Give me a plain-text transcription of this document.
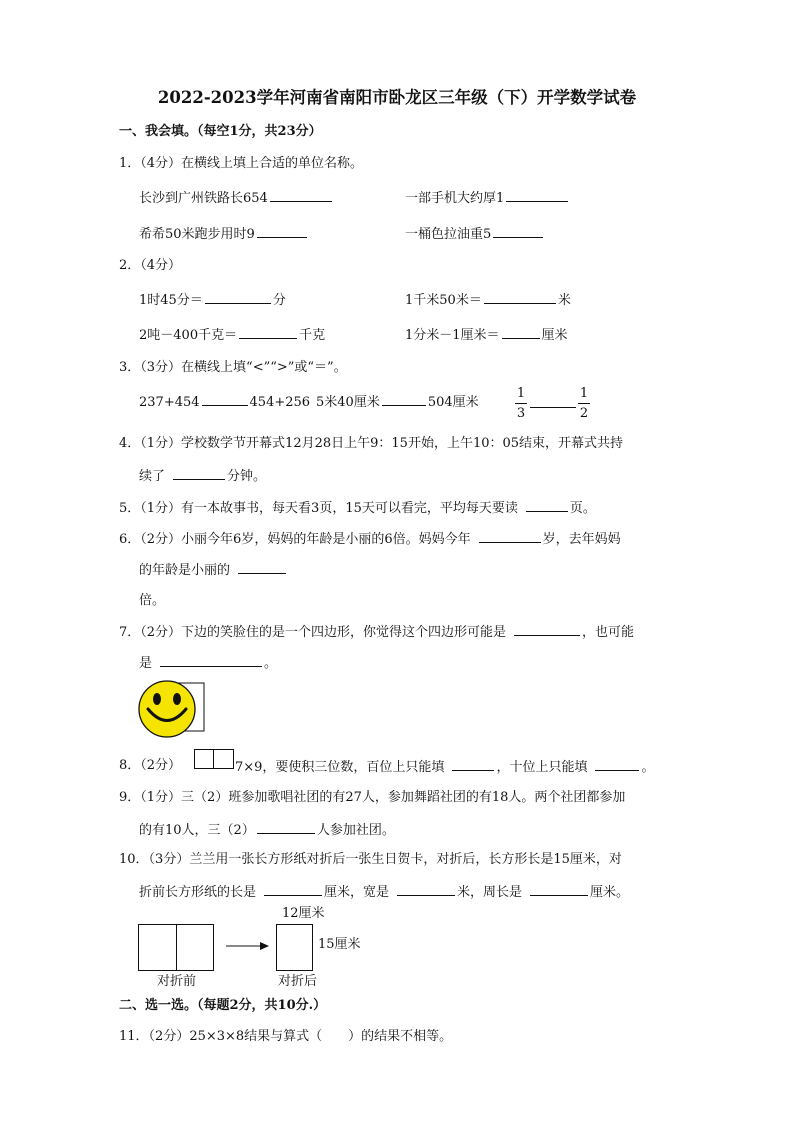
2022-2023学年河南省南阳市卧龙区三年级（下）开学数学试卷
一、我会填。（每空1分，共23分）
1．（4分）在横线上填上合适的单位名称。
长沙到广州铁路长654	一部手机大约厚1
希希50米跑步用时9	一桶色拉油重5
2．（4分）
1时45分＝	分	1千米50米＝	米
2吨－400千克＝	千克	1分米－1厘米＝	厘米
3．（3分）在横线上填“<”“>”或“＝”。
237+454	454+256 5米40厘米	504厘米
1
3
1
2
4．（1分）学校数学节开幕式12月28日上午9：15开始，上午10：05结束，开幕式共持
续了	分钟。
5．（1分）有一本故事书，每天看3页，15天可以看完，平均每天要读	页。
6．（2分）小丽今年6岁，妈妈的年龄是小丽的6倍。妈妈今年	岁，去年妈妈
的年龄是小丽的
倍。
7．（2分）下边的笑脸住的是一个四边形，你觉得这个四边形可能是	，也可能
是	。
8．（2分）	7×9，要使积三位数，百位上只能填	，十位上只能填	。
9．（1分）三（2）班参加歌唱社团的有27人，参加舞蹈社团的有18人。两个社团都参加
的有10人，三（2）	人参加社团。
10．（3分）兰兰用一张长方形纸对折后一张生日贺卡，对折后，长方形长是15厘米，对
折前长方形纸的长是	厘米，宽是	米，周长是	厘米。
对折前
12厘米
15厘米
对折后
二、选一选。（每题2分，共10分.）
11．（2分）25×3×8结果与算式（　　）的结果不相等。
